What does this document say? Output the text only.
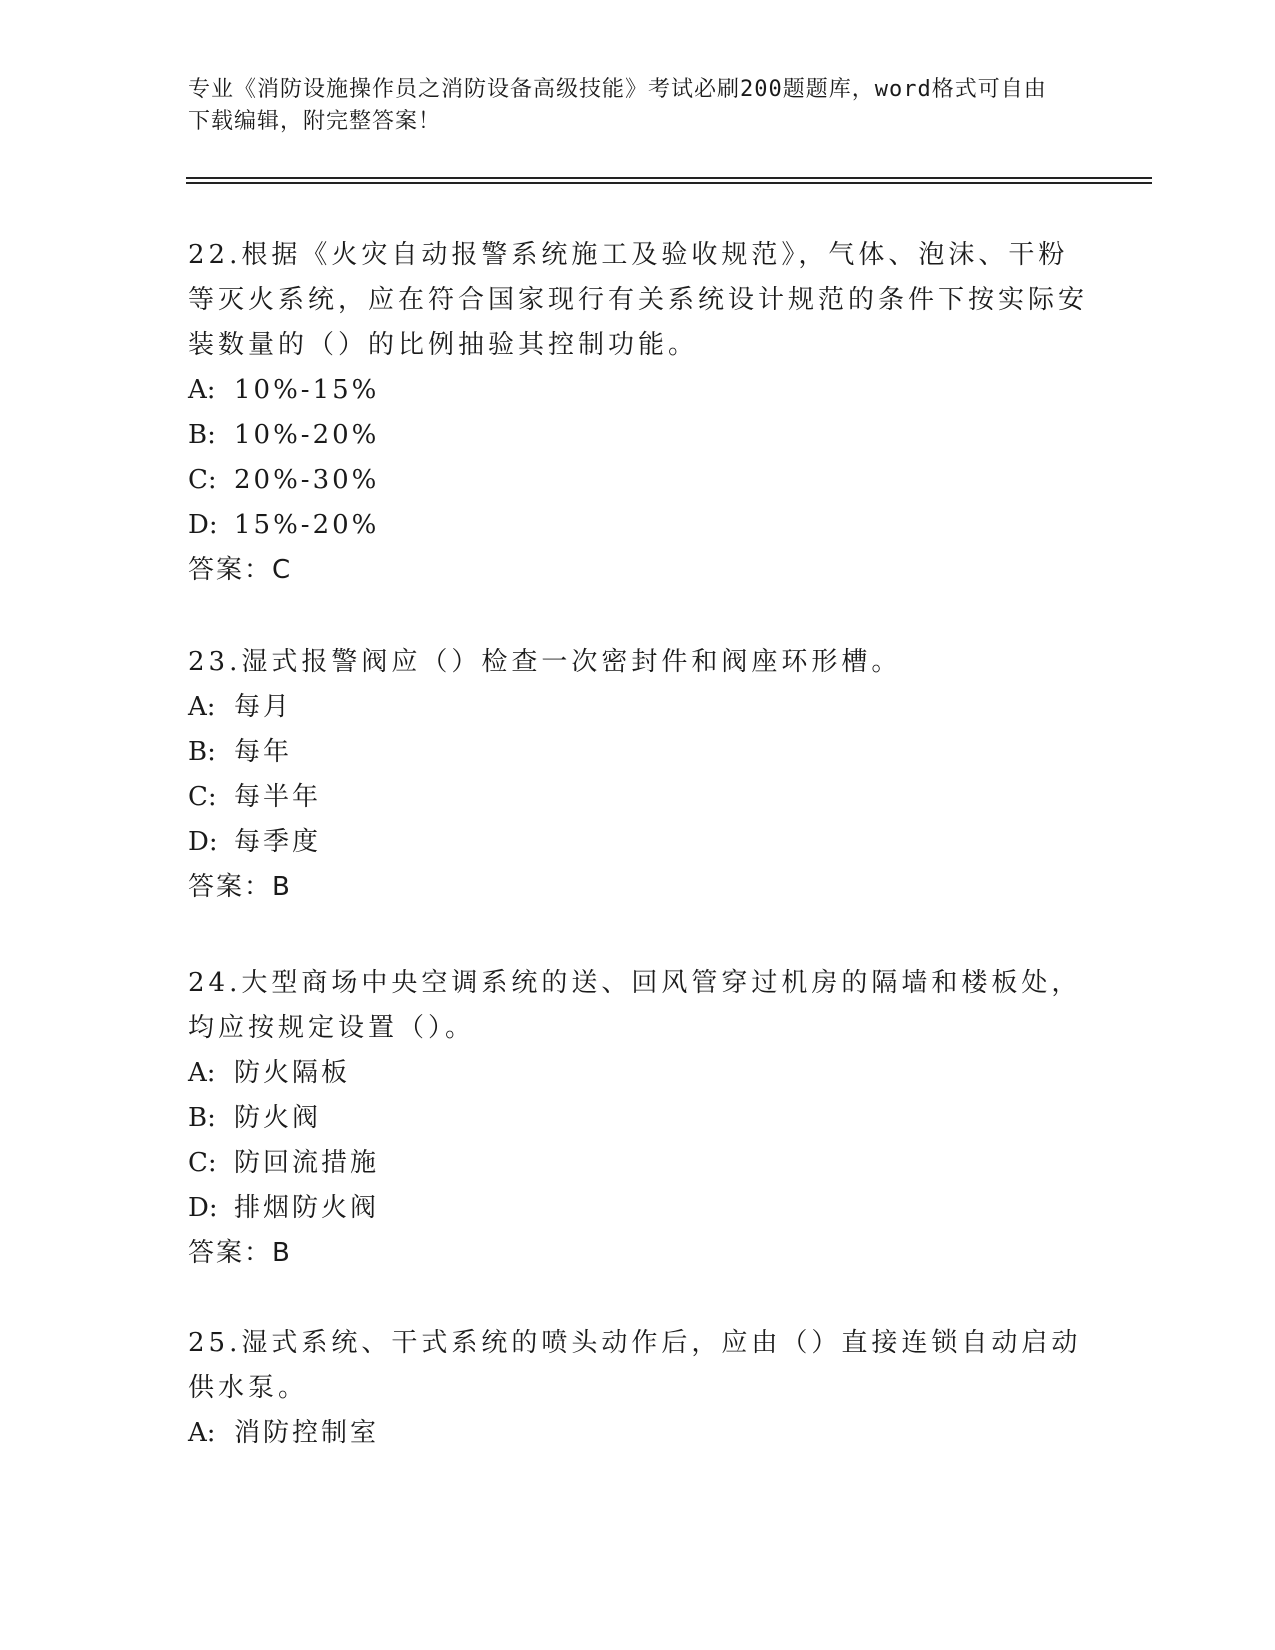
专业《消防设施操作员之消防设备高级技能》考试必刷200题题库，word格式可自由下载编辑，附完整答案！
22.根据《火灾自动报警系统施工及验收规范》，气体、泡沫、干粉等灭火系统，应在符合国家现行有关系统设计规范的条件下按实际安装数量的（）的比例抽验其控制功能。
A: 10%-15%
B: 10%-20%
C: 20%-30%
D: 15%-20%
答案：C
23.湿式报警阀应（）检查一次密封件和阀座环形槽。
A: 每月
B: 每年
C: 每半年
D: 每季度
答案：B
24.大型商场中央空调系统的送、回风管穿过机房的隔墙和楼板处，均应按规定设置（）。
A: 防火隔板
B: 防火阀
C: 防回流措施
D: 排烟防火阀
答案：B
25.湿式系统、干式系统的喷头动作后，应由（）直接连锁自动启动供水泵。
A: 消防控制室
